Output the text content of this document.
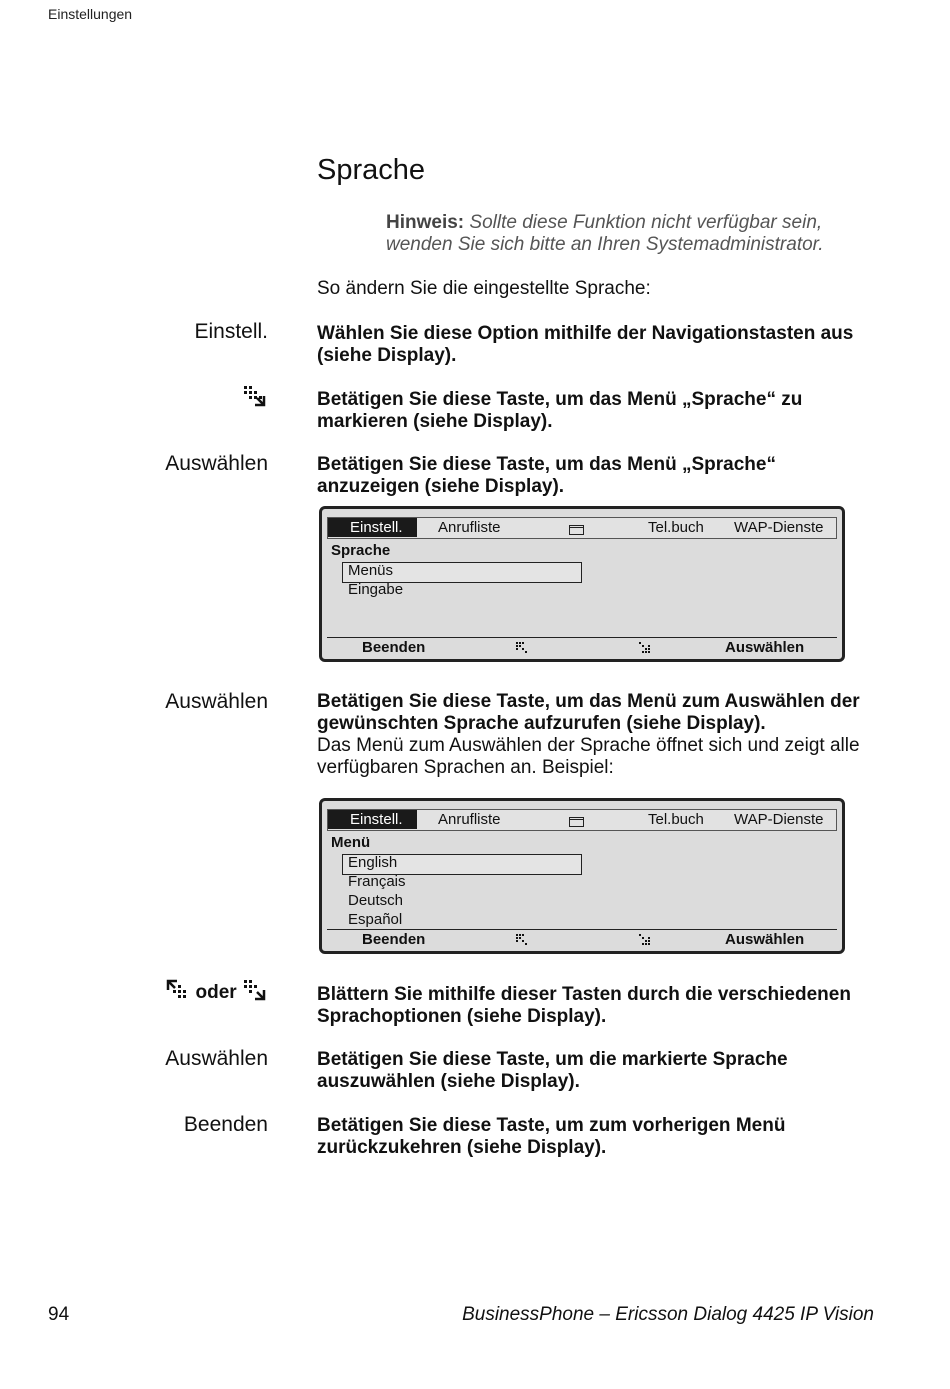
Einstellungen
Sprache
Hinweis: Sollte diese Funktion nicht verfügbar sein, wenden Sie sich bitte an Ihren Systemadministrator.
So ändern Sie die eingestellte Sprache:
Einstell.	Wählen Sie diese Option mithilfe der Navigationstasten aus (siehe Display).
Betätigen Sie diese Taste, um das Menü „Sprache“ zu markieren (siehe Display).
Auswählen	Betätigen Sie diese Taste, um das Menü „Sprache“ anzuzeigen (siehe Display).
Einstell.	Anrufliste	Tel.buch WAP-Dienste
Sprache
Menüs
Eingabe
Beenden	Auswählen
Auswählen	Betätigen Sie diese Taste, um das Menü zum Auswählen der gewünschten Sprache aufzurufen (siehe Display).
Das Menü zum Auswählen der Sprache öffnet sich und zeigt alle verfügbaren Sprachen an. Beispiel:
Einstell.	Anrufliste	Tel.buch WAP-Dienste
Menü
English
Français
Deutsch
Español
Beenden	Auswählen
oder	Blättern Sie mithilfe dieser Tasten durch die verschiedenen Sprachoptionen (siehe Display).
Auswählen	Betätigen Sie diese Taste, um die markierte Sprache auszuwählen (siehe Display).
Beenden	Betätigen Sie diese Taste, um zum vorherigen Menü zurückzukehren (siehe Display).
94	BusinessPhone – Ericsson Dialog 4425 IP Vision
